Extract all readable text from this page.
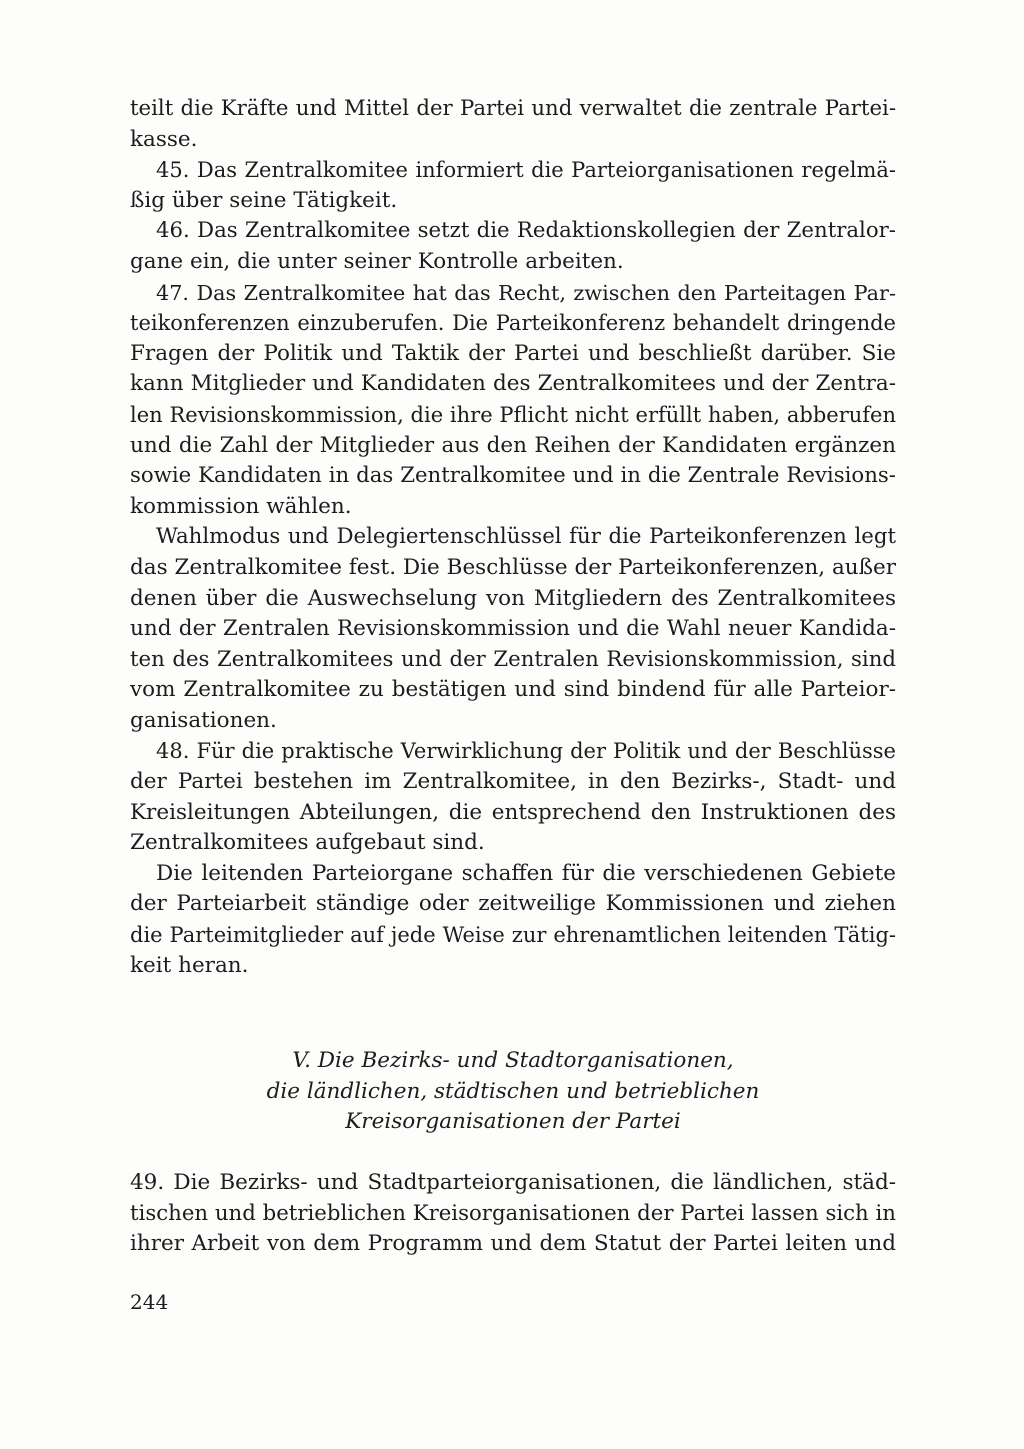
teilt die Kräfte und Mittel der Partei und verwaltet die zentrale Partei-
kasse.

45. Das Zentralkomitee informiert die Parteiorganisationen regelmä-
ßig über seine Tätigkeit.

46. Das Zentralkomitee setzt die Redaktionskollegien der Zentralor-
gane ein, die unter seiner Kontrolle arbeiten.

47. Das Zentralkomitee hat das Recht, zwischen den Parteitagen Par-
teikonferenzen einzuberufen. Die Parteikonferenz behandelt dringende
Fragen der Politik und Taktik der Partei und beschließt darüber. Sie
kann Mitglieder und Kandidaten des Zentralkomitees und der Zentra-
len Revisionskommission, die ihre Pflicht nicht erfüllt haben, abberufen
und die Zahl der Mitglieder aus den Reihen der Kandidaten ergänzen
sowie Kandidaten in das Zentralkomitee und in die Zentrale Revisions-
kommission wählen.

Wahlmodus und Delegiertenschlüssel für die Parteikonferenzen legt
das Zentralkomitee fest. Die Beschlüsse der Parteikonferenzen, außer
denen über die Auswechselung von Mitgliedern des Zentralkomitees
und der Zentralen Revisionskommission und die Wahl neuer Kandida-
ten des Zentralkomitees und der Zentralen Revisionskommission, sind
vom Zentralkomitee zu bestätigen und sind bindend für alle Parteior-
ganisationen.

48. Für die praktische Verwirklichung der Politik und der Beschlüsse
der Partei bestehen im Zentralkomitee, in den Bezirks-, Stadt- und
Kreisleitungen Abteilungen, die entsprechend den Instruktionen des
Zentralkomitees aufgebaut sind.

Die leitenden Parteiorgane schaffen für die verschiedenen Gebiete
der Parteiarbeit ständige oder zeitweilige Kommissionen und ziehen
die Parteimitglieder auf jede Weise zur ehrenamtlichen leitenden Tätig-
keit heran.

V. Die Bezirks- und Stadtorganisationen,
die ländlichen, städtischen und betrieblichen
Kreisorganisationen der Partei

49. Die Bezirks- und Stadtparteiorganisationen, die ländlichen, städ-
tischen und betrieblichen Kreisorganisationen der Partei lassen sich in
ihrer Arbeit von dem Programm und dem Statut der Partei leiten und

244
